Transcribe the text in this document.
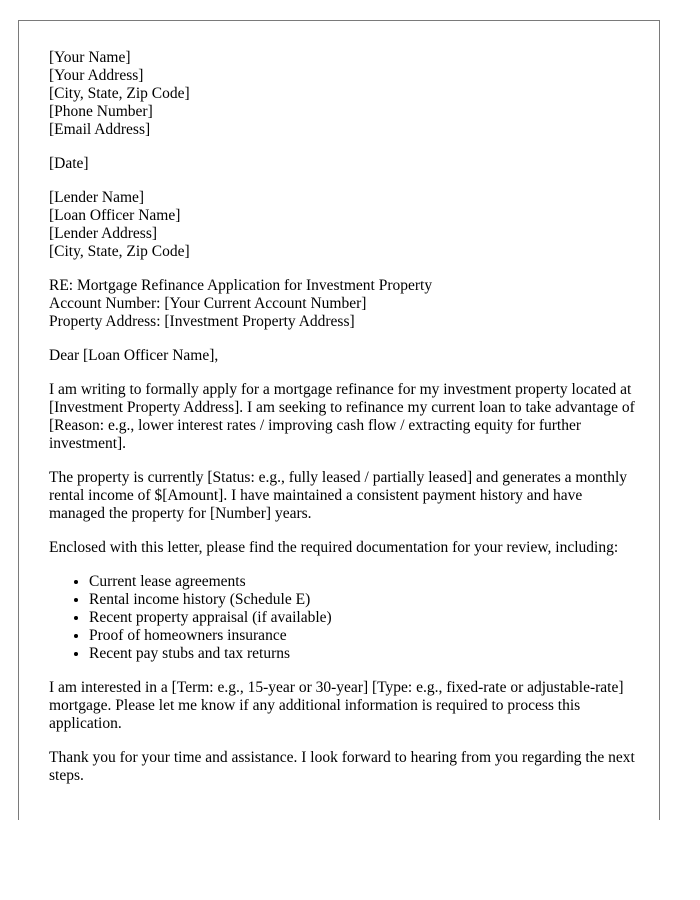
[Your Name]
[Your Address]
[City, State, Zip Code]
[Phone Number]
[Email Address]
[Date]
[Lender Name]
[Loan Officer Name]
[Lender Address]
[City, State, Zip Code]
RE: Mortgage Refinance Application for Investment Property
Account Number: [Your Current Account Number]
Property Address: [Investment Property Address]

Dear [Loan Officer Name],

I am writing to formally apply for a mortgage refinance for my investment property located at [Investment Property Address]. I am seeking to refinance my current loan to take advantage of [Reason: e.g., lower interest rates / improving cash flow / extracting equity for further investment].

The property is currently [Status: e.g., fully leased / partially leased] and generates a monthly rental income of $[Amount]. I have maintained a consistent payment history and have managed the property for [Number] years.

Enclosed with this letter, please find the required documentation for your review, including:

• Current lease agreements
• Rental income history (Schedule E)
• Recent property appraisal (if available)
• Proof of homeowners insurance
• Recent pay stubs and tax returns

I am interested in a [Term: e.g., 15-year or 30-year] [Type: e.g., fixed-rate or adjustable-rate] mortgage. Please let me know if any additional information is required to process this application.

Thank you for your time and assistance. I look forward to hearing from you regarding the next steps.
